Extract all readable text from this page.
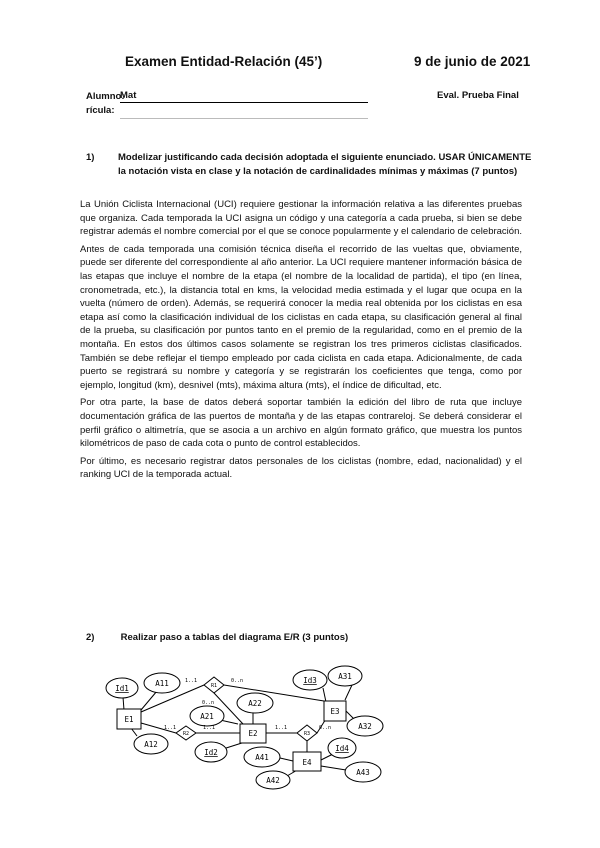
Examen Entidad-Relación (45’)	9 de junio de 2021
Alumno:
rícula:
Mat	Eval. Prueba Final
1) Modelizar justificando cada decisión adoptada el siguiente enunciado. USAR ÚNICAMENTE la notación vista en clase y la notación de cardinalidades mínimas y máximas (7 puntos)

La Unión Ciclista Internacional (UCI) requiere gestionar la información relativa a las diferentes pruebas que organiza. Cada temporada la UCI asigna un código y una categoría a cada prueba, si bien se debe registrar además el nombre comercial por el que se conoce popularmente y el calendario de celebración.

Antes de cada temporada una comisión técnica diseña el recorrido de las vueltas que, obviamente, puede ser diferente del correspondiente al año anterior. La UCI requiere mantener información básica de las etapas que incluye el nombre de la etapa (el nombre de la localidad de partida), el tipo (en línea, cronometrada, etc.), la distancia total en kms, la velocidad media estimada y el lugar que ocupa en la vuelta (número de orden). Además, se requerirá conocer la media real obtenida por los ciclistas en esa etapa así como la clasificación individual de los ciclistas en cada etapa, su clasificación general al final de la prueba, su clasificación por puntos tanto en el premio de la regularidad, como en el premio de la montaña. En estos dos últimos casos solamente se registran los tres primeros ciclistas clasificados. También se debe reflejar el tiempo empleado por cada ciclista en cada etapa. Adicionalmente, de cada puerto se registrará su nombre y categoría y se registrarán los coeficientes que tenga, como por ejemplo, longitud (km), desnivel (mts), máxima altura (mts), el índice de dificultad, etc.

Por otra parte, la base de datos deberá soportar también la edición del libro de ruta que incluye documentación gráfica de las puertos de montaña y de las etapas contrareloj. Se deberá considerar el perfil gráfico o altimetría, que se asocia a un archivo en algún formato gráfico, que muestra los puntos kilométricos de paso de cada cota o punto de control establecidos.

Por último, es necesario registrar datos personales de los ciclistas (nombre, edad, nacionalidad) y el ranking UCI de la temporada actual.

2)	Realizar paso a tablas del diagrama E/R (3 puntos)
E1
E2
E3
E4
Id1
A11
A12
A21
A22
Id2
Id3	A31
A32
Id4
A41
A42
A43
R1
R2	R3
1..1	0..n
0..n
1..1	1..1	1..1	0..n
